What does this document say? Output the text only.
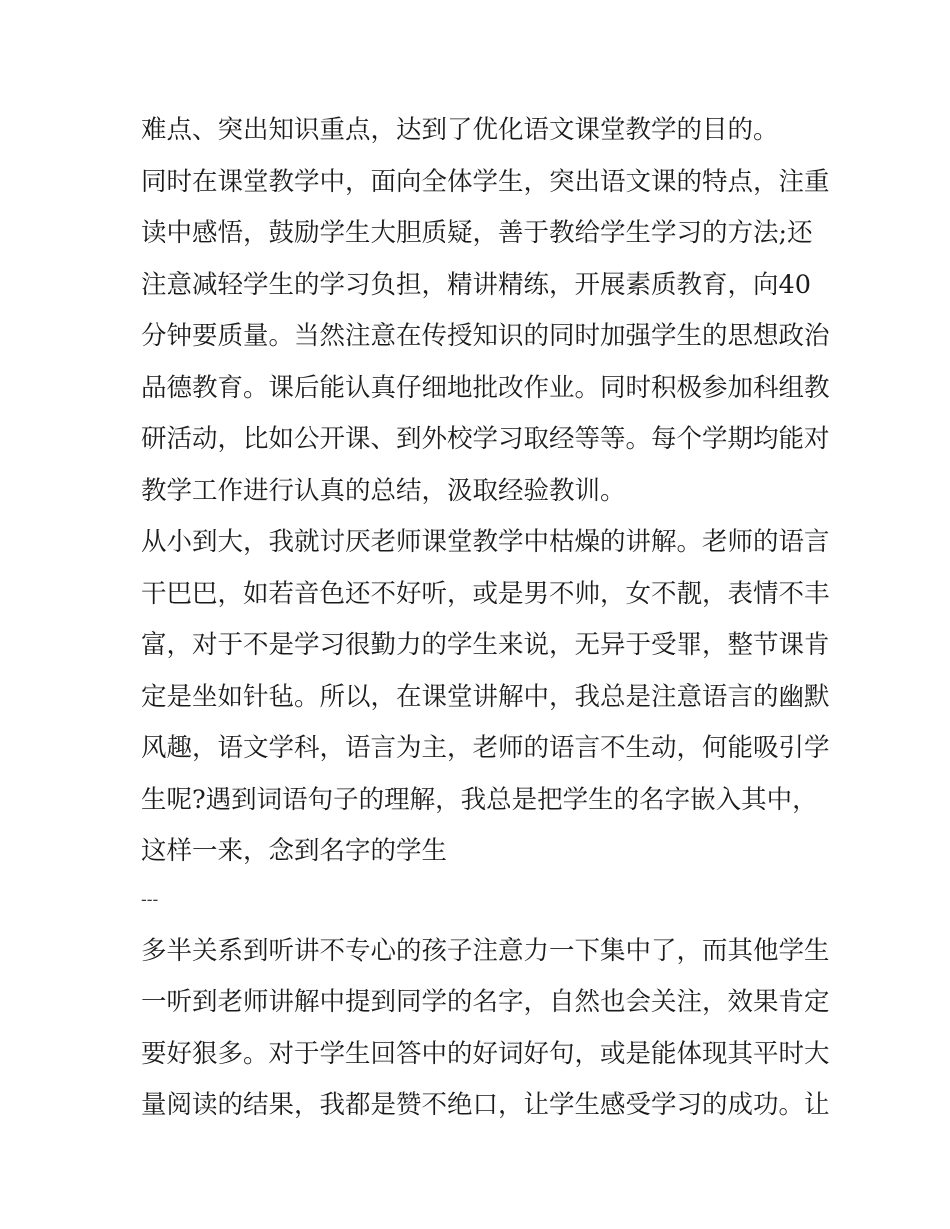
难点、突出知识重点，达到了优化语文课堂教学的目的。
同时在课堂教学中，面向全体学生，突出语文课的特点，注重
读中感悟，鼓励学生大胆质疑，善于教给学生学习的方法;还
注意减轻学生的学习负担，精讲精练，开展素质教育，向40
分钟要质量。当然注意在传授知识的同时加强学生的思想政治
品德教育。课后能认真仔细地批改作业。同时积极参加科组教
研活动，比如公开课、到外校学习取经等等。每个学期均能对
教学工作进行认真的总结，汲取经验教训。
从小到大，我就讨厌老师课堂教学中枯燥的讲解。老师的语言
干巴巴，如若音色还不好听，或是男不帅，女不靓，表情不丰
富，对于不是学习很勤力的学生来说，无异于受罪，整节课肯
定是坐如针毡。所以，在课堂讲解中，我总是注意语言的幽默
风趣，语文学科，语言为主，老师的语言不生动，何能吸引学
生呢?遇到词语句子的理解，我总是把学生的名字嵌入其中，
这样一来，念到名字的学生
---
多半关系到听讲不专心的孩子注意力一下集中了，而其他学生
一听到老师讲解中提到同学的名字，自然也会关注，效果肯定
要好狠多。对于学生回答中的好词好句，或是能体现其平时大
量阅读的结果，我都是赞不绝口，让学生感受学习的成功。让
